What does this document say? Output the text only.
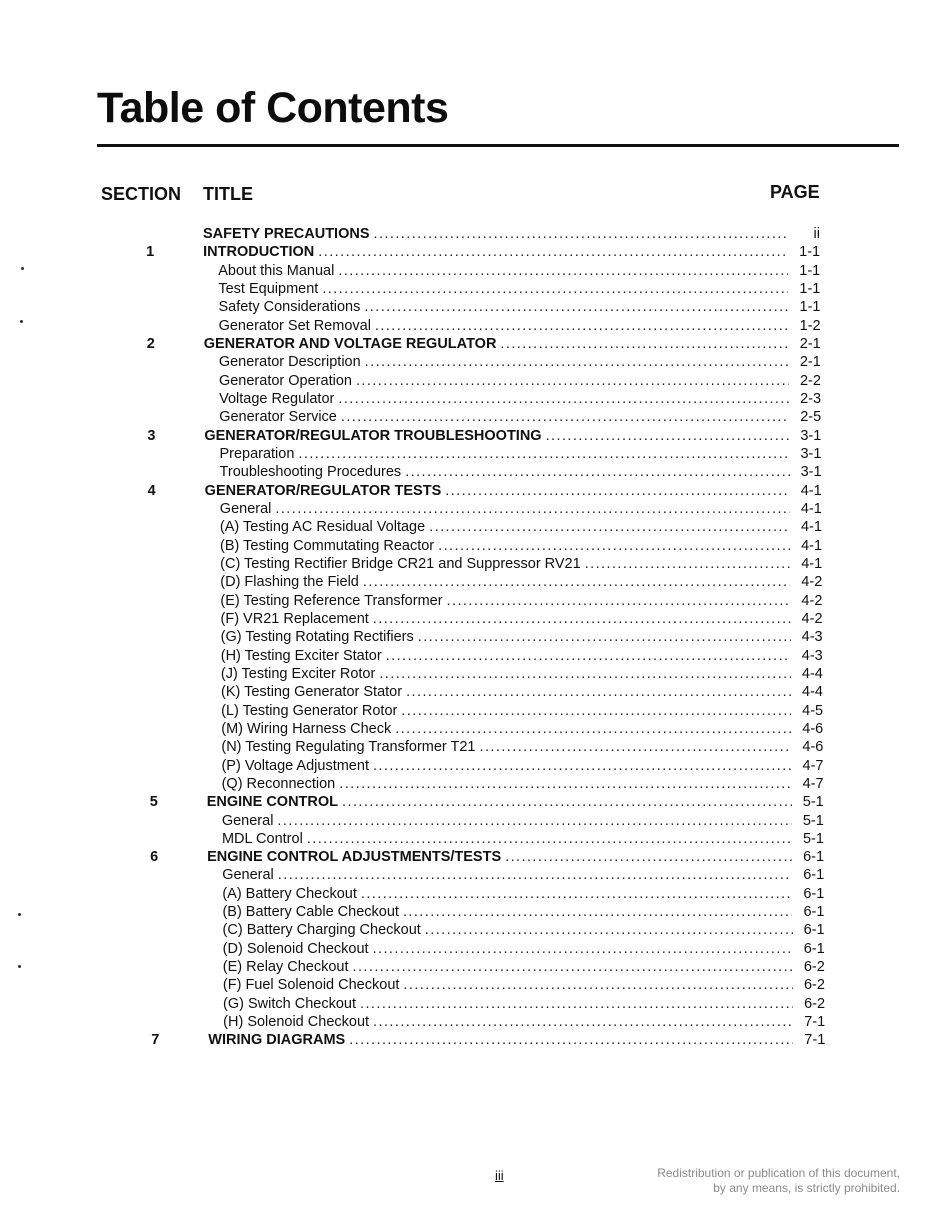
Table of Contents
SECTION TITLE	PAGE
SAFETY PRECAUTIONS . . .	ii
1	INTRODUCTION . . .	1-1
About this Manual . . .	1-1
Test Equipment . . .	1-1
Safety Considerations . . .	1-1
Generator Set Removal . . .	1-2
2	GENERATOR AND VOLTAGE REGULATOR . . .	2-1
Generator Description . . .	2-1
Generator Operation . . .	2-2
Voltage Regulator . . .	2-3
Generator Service . . .	2-5
3	GENERATOR/REGULATOR TROUBLESHOOTING . . .	3-1
Preparation . . .	3-1
Troubleshooting Procedures . . .	3-1
4	GENERATOR/REGULATOR TESTS . . .	4-1
General . . .	4-1
(A) Testing AC Residual Voltage . . .	4-1
(B) Testing Commutating Reactor . . .	4-1
(C) Testing Rectifier Bridge CR21 and Suppressor RV21 . . .	4-1
(D) Flashing the Field . . .	4-2
(E) Testing Reference Transformer . . .	4-2
(F) VR21 Replacement . . .	4-2
(G) Testing Rotating Rectifiers . . .	4-3
(H) Testing Exciter Stator . . .	4-3
(J) Testing Exciter Rotor . . .	4-4
(K) Testing Generator Stator . . .	4-4
(L) Testing Generator Rotor . . .	4-5
(M) Wiring Harness Check . . .	4-6
(N) Testing Regulating Transformer T21 . . .	4-6
(P) Voltage Adjustment . . .	4-7
(Q) Reconnection . . .	4-7
5	ENGINE CONTROL . . .	5-1
General . . .	5-1
MDL Control . . .	5-1
6	ENGINE CONTROL ADJUSTMENTS/TESTS . . .	6-1
General . . .	6-1
(A) Battery Checkout . . .	6-1
(B) Battery Cable Checkout . . .	6-1
(C) Battery Charging Checkout . . .	6-1
(D) Solenoid Checkout . . .	6-1
(E) Relay Checkout . . .	6-2
(F) Fuel Solenoid Checkout . . .	6-2
(G) Switch Checkout . . .	6-2
(H) Solenoid Checkout . . .	7-1
7	WIRING DIAGRAMS . . .	7-1
iii	Redistribution or publication of this document,
by any means, is strictly prohibited.
